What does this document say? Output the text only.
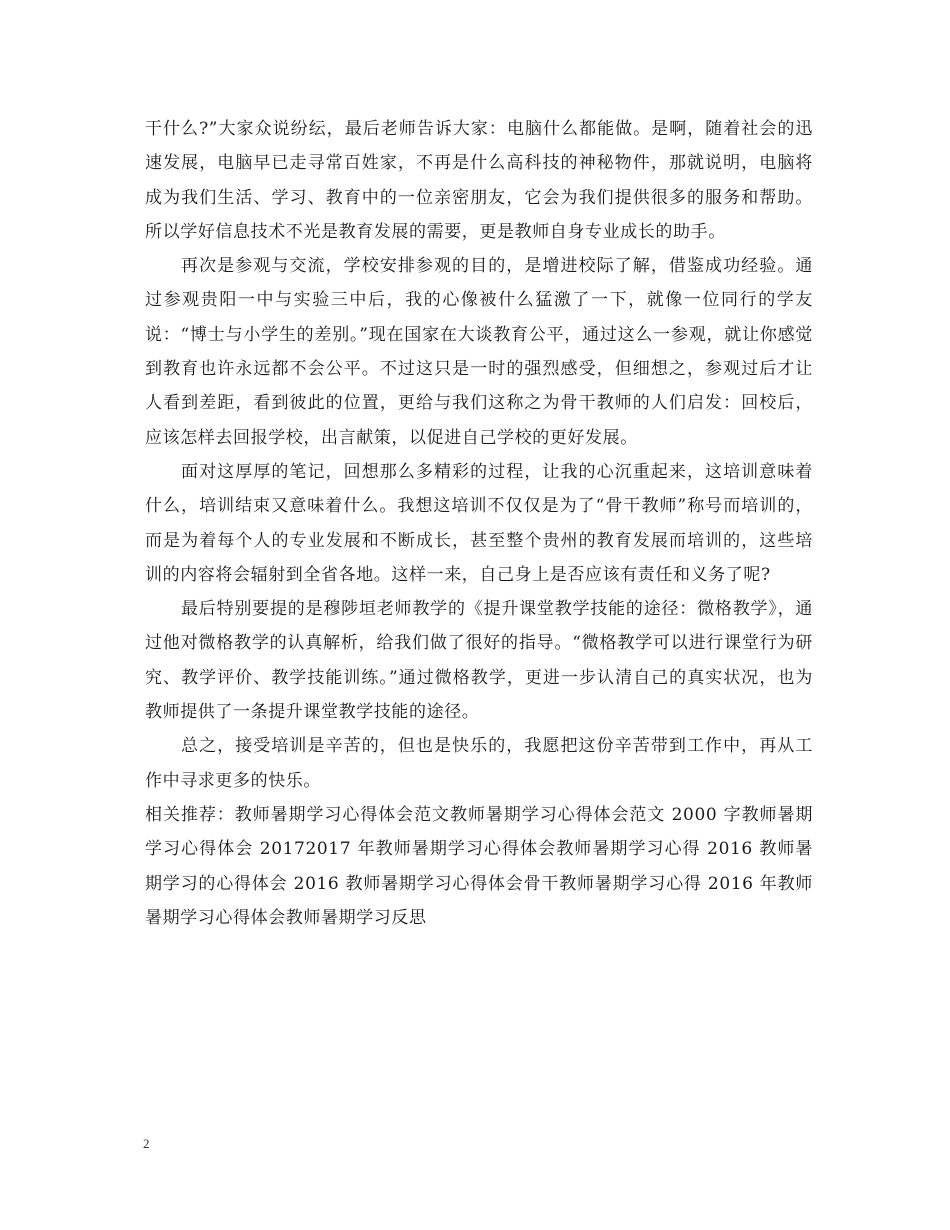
干什么?”大家众说纷纭，最后老师告诉大家：电脑什么都能做。是啊，随着社会的迅速发展，电脑早已走寻常百姓家，不再是什么高科技的神秘物件，那就说明，电脑将成为我们生活、学习、教育中的一位亲密朋友，它会为我们提供很多的服务和帮助。所以学好信息技术不光是教育发展的需要，更是教师自身专业成长的助手。

再次是参观与交流，学校安排参观的目的，是增进校际了解，借鉴成功经验。通过参观贵阳一中与实验三中后，我的心像被什么猛激了一下，就像一位同行的学友说：“博士与小学生的差别。”现在国家在大谈教育公平，通过这么一参观，就让你感觉到教育也许永远都不会公平。不过这只是一时的强烈感受，但细想之，参观过后才让人看到差距，看到彼此的位置，更给与我们这称之为骨干教师的人们启发：回校后，应该怎样去回报学校，出言献策，以促进自己学校的更好发展。

面对这厚厚的笔记，回想那么多精彩的过程，让我的心沉重起来，这培训意味着什么，培训结束又意味着什么。我想这培训不仅仅是为了“骨干教师”称号而培训的，而是为着每个人的专业发展和不断成长，甚至整个贵州的教育发展而培训的，这些培训的内容将会辐射到全省各地。这样一来，自己身上是否应该有责任和义务了呢?

最后特别要提的是穆陟垣老师教学的《提升课堂教学技能的途径：微格教学》，通过他对微格教学的认真解析，给我们做了很好的指导。“微格教学可以进行课堂行为研究、教学评价、教学技能训练。”通过微格教学，更进一步认清自己的真实状况，也为教师提供了一条提升课堂教学技能的途径。

总之，接受培训是辛苦的，但也是快乐的，我愿把这份辛苦带到工作中，再从工作中寻求更多的快乐。

相关推荐：教师暑期学习心得体会范文教师暑期学习心得体会范文 2000 字教师暑期学习心得体会 20172017 年教师暑期学习心得体会教师暑期学习心得 2016 教师暑期学习的心得体会 2016 教师暑期学习心得体会骨干教师暑期学习心得 2016 年教师暑期学习心得体会教师暑期学习反思

2
